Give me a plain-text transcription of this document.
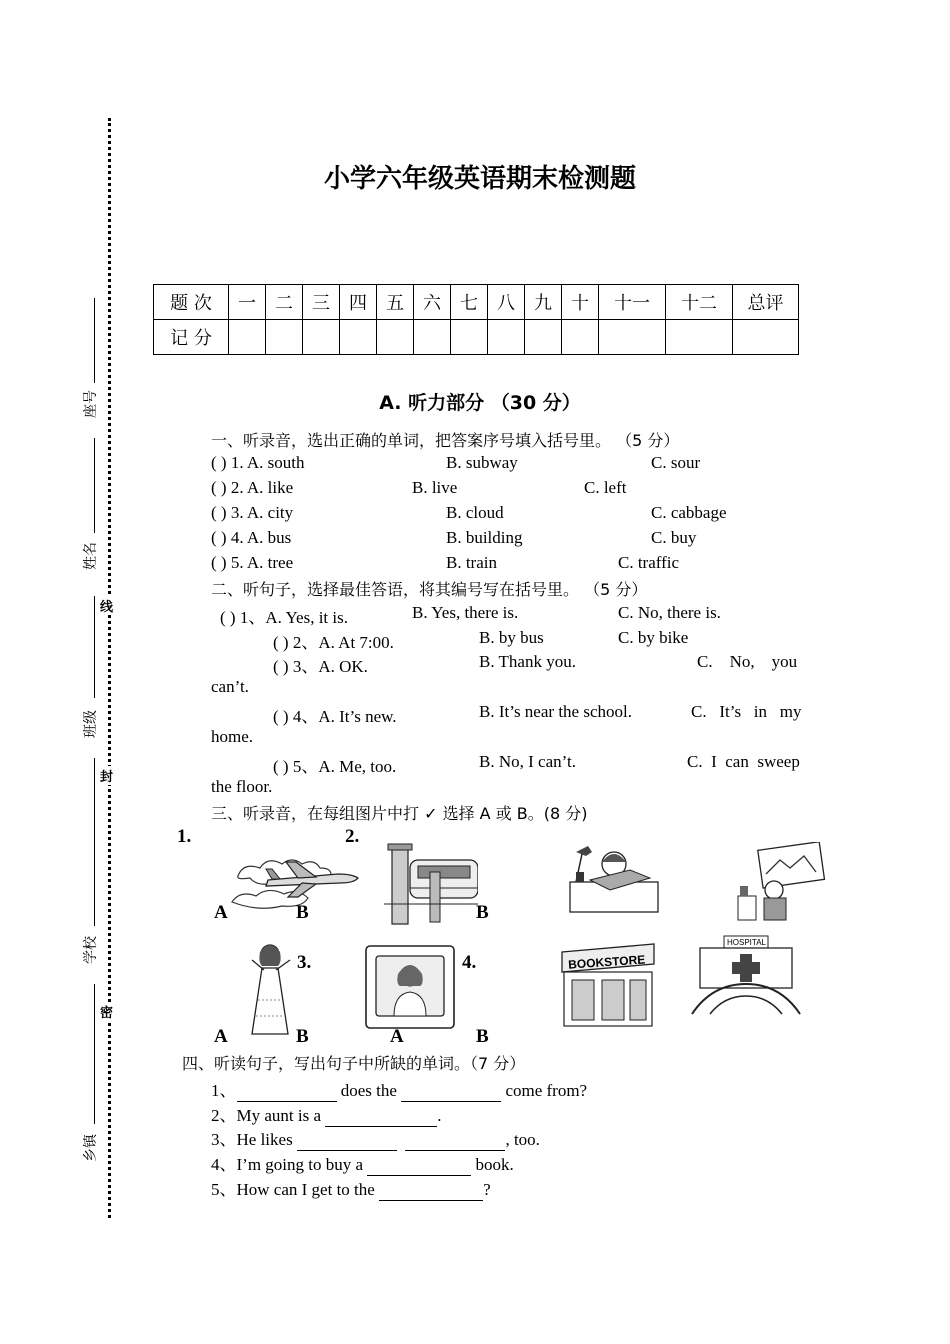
线
封
密
座号
姓名
班级
学校
乡镇
小学六年级英语期末检测题
题 次	一	二	三	四	五	六	七	八	九	十	十一	十二	总评
记 分													
A. 听力部分 （30 分）
一、听录音，选出正确的单词，把答案序号填入括号里。 （5 分）
( ) 1. A. south	B. subway	C. sour
( ) 2. A. like	B. live	C. left
( ) 3. A. city	B. cloud	C. cabbage
( ) 4. A. bus	B. building	C. buy
( ) 5. A. tree	B. train	C. traffic
二、听句子，选择最佳答语，将其编号写在括号里。 （5 分）
( ) 1、A. Yes, it is.	B. Yes, there is.	C. No, there is.
( ) 2、A. At 7:00.	B. by bus	C. by bike
( ) 3、A. OK.	B. Thank you.	C.    No,    you
can’t.
( ) 4、A. It’s new.	B. It’s near the school.	C.   It’s   in   my
home.
( ) 5、A. Me, too.	B. No, I can’t.	C.  I  can  sweep
the floor.
三、听录音，在每组图片中打 ✓ 选择 A 或 B。(8 分)
1.	2.
3.	4.	BOOKSTORE
HOSPITAL
A	B	B
A	B	A	B
四、听读句子，写出句子中所缺的单词。（7 分）
1、	does the	come from?
2、My aunt is a	.
3、He likes	, too.
4、I’m going to buy a	book.
5、How can I get to the	?
